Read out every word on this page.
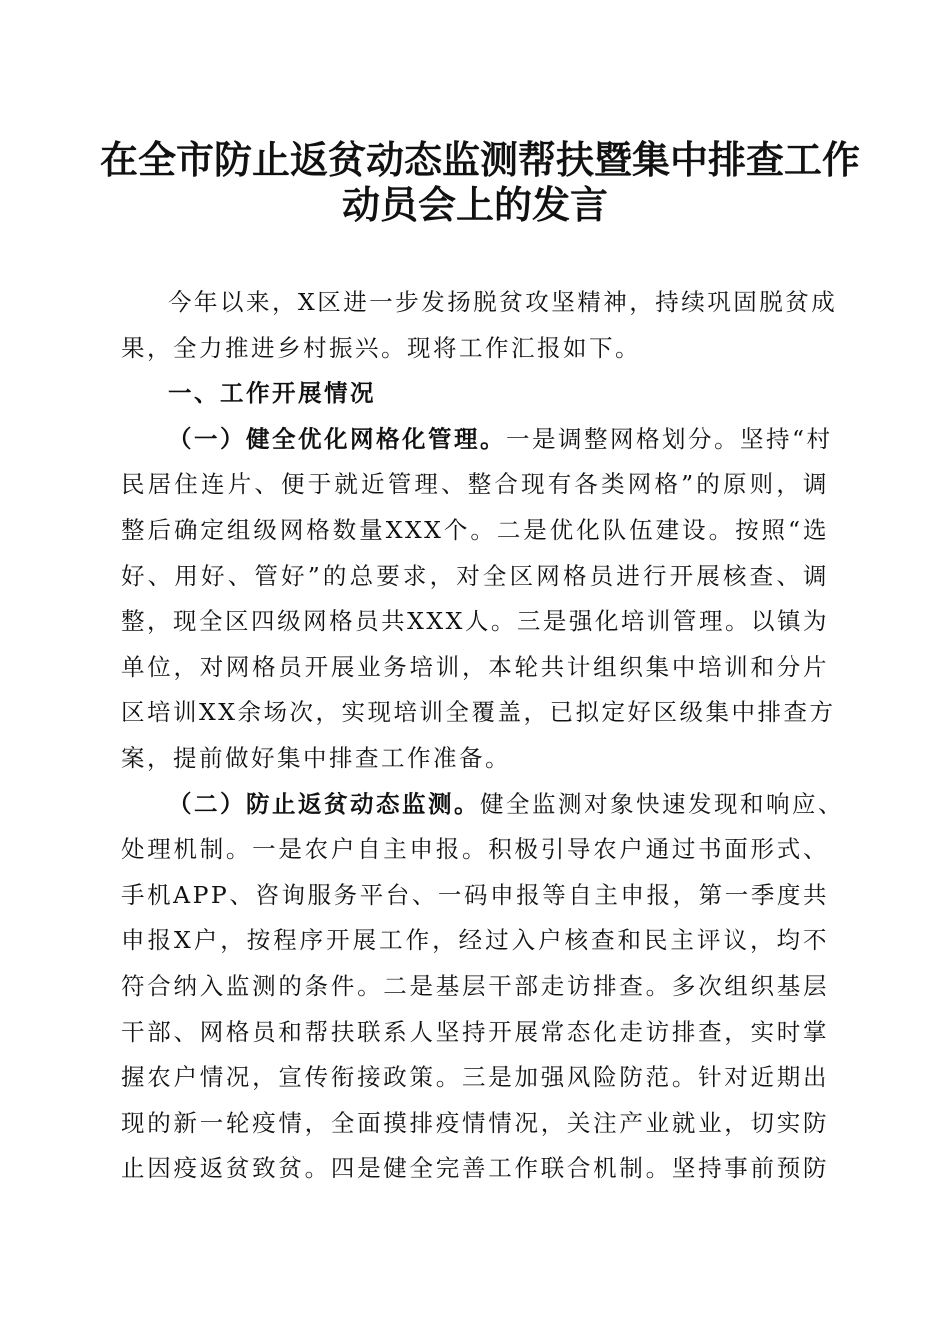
在全市防止返贫动态监测帮扶暨集中排查工作
动员会上的发言
今年以来，X区进一步发扬脱贫攻坚精神，持续巩固脱贫成
果，全力推进乡村振兴。现将工作汇报如下。
一、工作开展情况
（一）健全优化网格化管理。一是调整网格划分。坚持“村
民居住连片、便于就近管理、整合现有各类网格”的原则，调
整后确定组级网格数量XXX个。二是优化队伍建设。按照“选
好、用好、管好”的总要求，对全区网格员进行开展核查、调
整，现全区四级网格员共XXX人。三是强化培训管理。以镇为
单位，对网格员开展业务培训，本轮共计组织集中培训和分片
区培训XX余场次，实现培训全覆盖，已拟定好区级集中排查方
案，提前做好集中排查工作准备。
（二）防止返贫动态监测。健全监测对象快速发现和响应、
处理机制。一是农户自主申报。积极引导农户通过书面形式、
手机APP、咨询服务平台、一码申报等自主申报，第一季度共
申报X户，按程序开展工作，经过入户核查和民主评议，均不
符合纳入监测的条件。二是基层干部走访排查。多次组织基层
干部、网格员和帮扶联系人坚持开展常态化走访排查，实时掌
握农户情况，宣传衔接政策。三是加强风险防范。针对近期出
现的新一轮疫情，全面摸排疫情情况，关注产业就业，切实防
止因疫返贫致贫。四是健全完善工作联合机制。坚持事前预防
